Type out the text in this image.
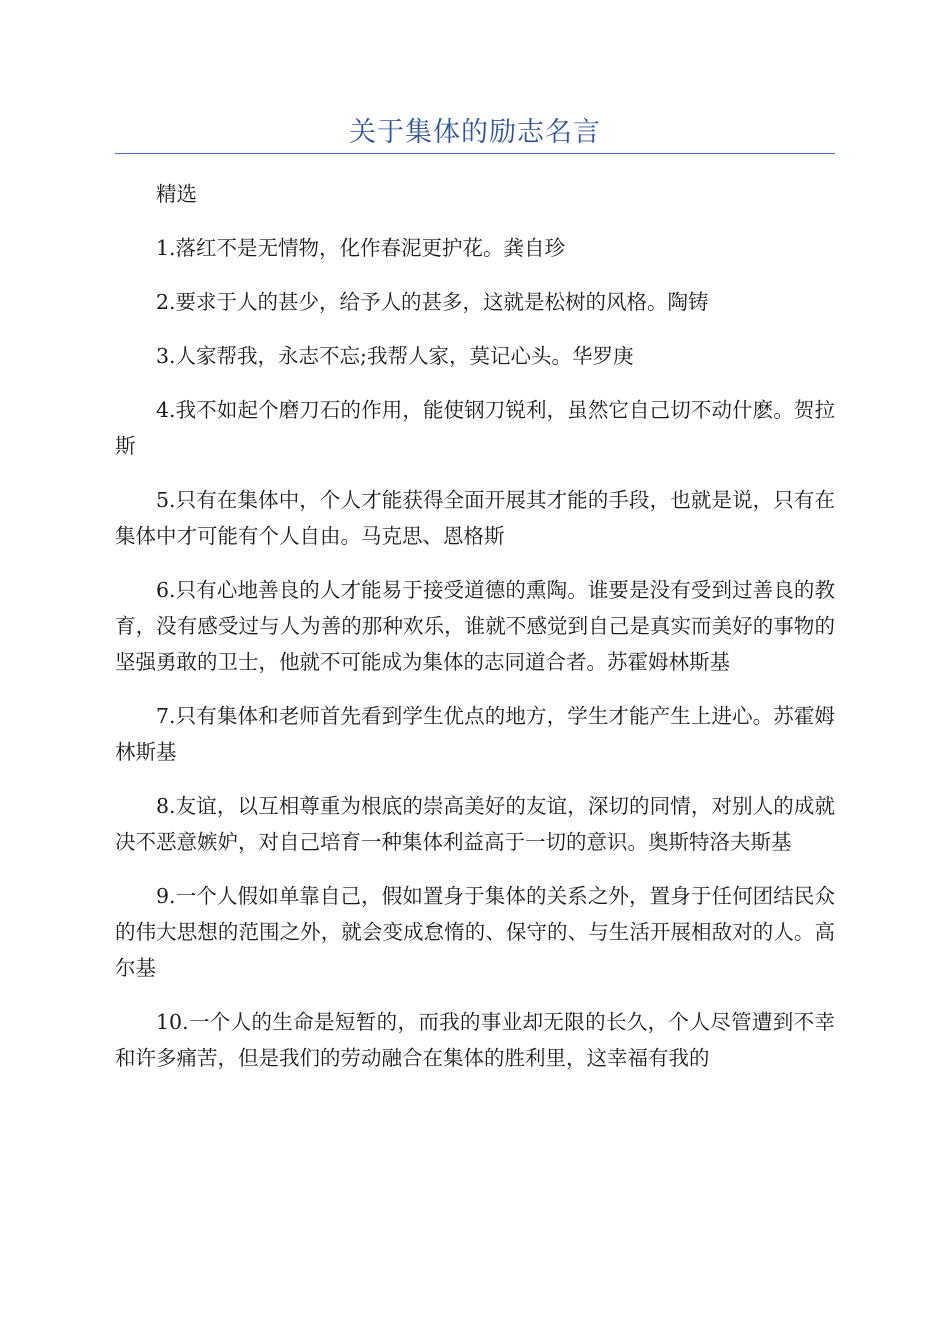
关于集体的励志名言

精选

1.落红不是无情物，化作春泥更护花。龚自珍

2.要求于人的甚少，给予人的甚多，这就是松树的风格。陶铸

3.人家帮我，永志不忘;我帮人家，莫记心头。华罗庚

4.我不如起个磨刀石的作用，能使钢刀锐利，虽然它自己切不动什麽。贺拉斯

5.只有在集体中，个人才能获得全面开展其才能的手段，也就是说，只有在集体中才可能有个人自由。马克思、恩格斯

6.只有心地善良的人才能易于接受道德的熏陶。谁要是没有受到过善良的教育，没有感受过与人为善的那种欢乐，谁就不感觉到自己是真实而美好的事物的坚强勇敢的卫士，他就不可能成为集体的志同道合者。苏霍姆林斯基

7.只有集体和老师首先看到学生优点的地方，学生才能产生上进心。苏霍姆林斯基

8.友谊，以互相尊重为根底的崇高美好的友谊，深切的同情，对别人的成就决不恶意嫉妒，对自己培育一种集体利益高于一切的意识。奥斯特洛夫斯基

9.一个人假如单靠自己，假如置身于集体的关系之外，置身于任何团结民众的伟大思想的范围之外，就会变成怠惰的、保守的、与生活开展相敌对的人。高尔基

10.一个人的生命是短暂的，而我的事业却无限的长久，个人尽管遭到不幸和许多痛苦，但是我们的劳动融合在集体的胜利里，这幸福有我的
